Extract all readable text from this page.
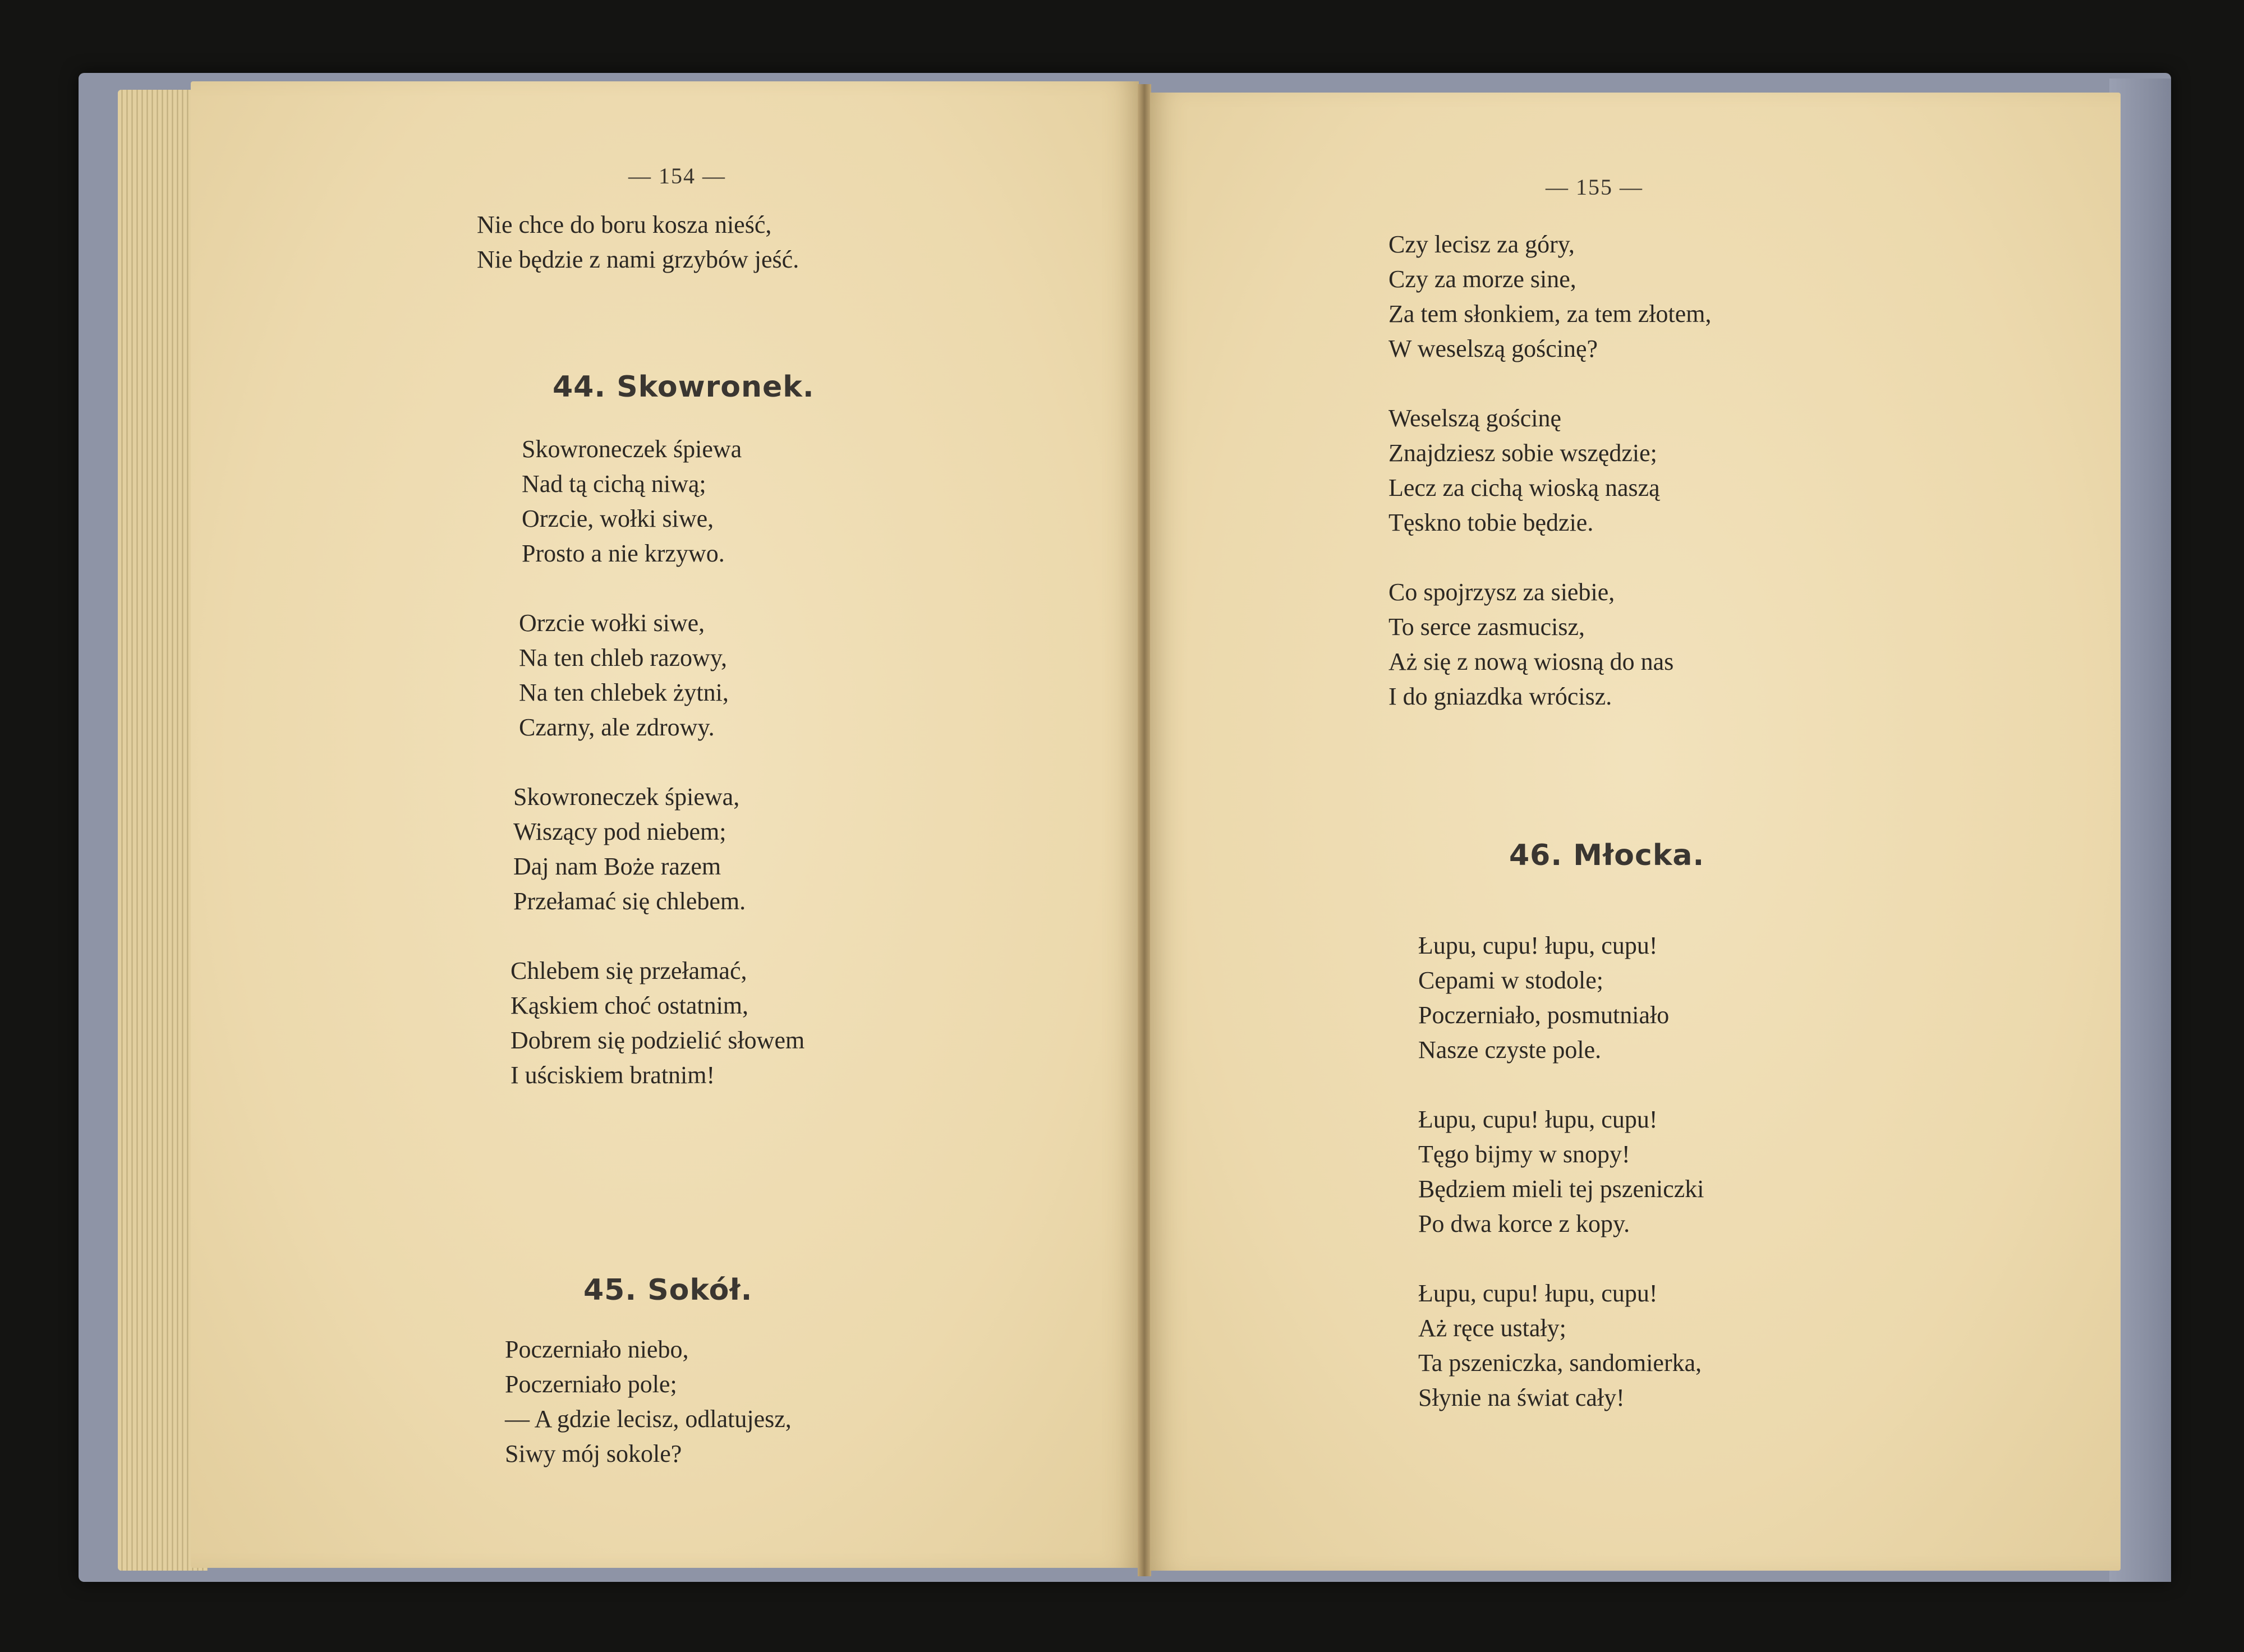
— 154 —
Nie chce do boru kosza nieść,
Nie będzie z nami grzybów jeść.
44. Skowronek.
Skowroneczek śpiewa
Nad tą cichą niwą;
Orzcie, wołki siwe,
Prosto a nie krzywo.
Orzcie wołki siwe,
Na ten chleb razowy,
Na ten chlebek żytni,
Czarny, ale zdrowy.
Skowroneczek śpiewa,
Wiszący pod niebem;
Daj nam Boże razem
Przełamać się chlebem.
Chlebem się przełamać,
Kąskiem choć ostatnim,
Dobrem się podzielić słowem
I uściskiem bratnim!
45. Sokół.
Poczerniało niebo,
Poczerniało pole;
— A gdzie lecisz, odlatujesz,
Siwy mój sokole?
— 155 —
Czy lecisz za góry,
Czy za morze sine,
Za tem słonkiem, za tem złotem,
W weselszą gościnę?
Weselszą gościnę
Znajdziesz sobie wszędzie;
Lecz za cichą wioską naszą
Tęskno tobie będzie.
Co spojrzysz za siebie,
To serce zasmucisz,
Aż się z nową wiosną do nas
I do gniazdka wrócisz.
46. Młocka.
Łupu, cupu! łupu, cupu!
Cepami w stodole;
Poczerniało, posmutniało
Nasze czyste pole.
Łupu, cupu! łupu, cupu!
Tęgo bijmy w snopy!
Będziem mieli tej pszeniczki
Po dwa korce z kopy.
Łupu, cupu! łupu, cupu!
Aż ręce ustały;
Ta pszeniczka, sandomierka,
Słynie na świat cały!
